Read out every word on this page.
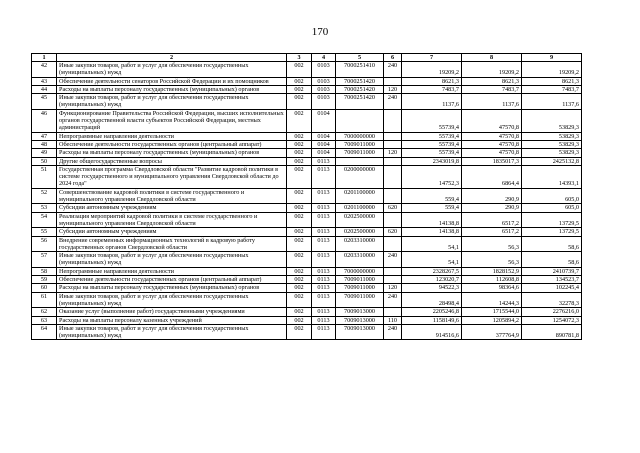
170
1	2	3	4	5	6	7	8	9
42	Иные закупки товаров, работ и услуг для обеспечения государственных (муниципальных) нужд	002	0103	7000251410	240	19209,2	19209,2	19209,2
43	Обеспечение деятельности сенаторов Российской Федерации и их помощников	002	0103	7000251420		8621,3	8621,3	8621,3
44	Расходы на выплаты персоналу государственных (муниципальных) органов	002	0103	7000251420	120	7483,7	7483,7	7483,7
45	Иные закупки товаров, работ и услуг для обеспечения государственных (муниципальных) нужд	002	0103	7000251420	240	1137,6	1137,6	1137,6
46	Функционирование Правительства Российской Федерации, высших исполнительных органов государственной власти субъектов Российской Федерации, местных администраций	002	0104			55739,4	47570,8	53829,3
47	Непрограммные направления деятельности	002	0104	7000000000		55739,4	47570,8	53829,3
48	Обеспечение деятельности государственных органов (центральный аппарат)	002	0104	7009011000		55739,4	47570,8	53829,3
49	Расходы на выплаты персоналу государственных (муниципальных) органов	002	0104	7009011000	120	55739,4	47570,8	53829,3
50	Другие общегосударственные вопросы	002	0113			2343019,8	1835017,3	2425132,8
51	Государственная программа Свердловской области "Развитие кадровой политики в системе государственного и муниципального управления Свердловской области до 2024 года"	002	0113	0200000000		14752,3	6864,4	14393,1
52	Совершенствование кадровой политики в системе государственного и муниципального управления Свердловской области	002	0113	0201100000		559,4	290,9	605,0
53	Субсидии автономным учреждениям	002	0113	0201100000	620	559,4	290,9	605,0
54	Реализация мероприятий кадровой политики в системе государственного и муниципального управления Свердловской области	002	0113	0202500000		14138,8	6517,2	13729,5
55	Субсидии автономным учреждениям	002	0113	0202500000	620	14138,8	6517,2	13729,5
56	Внедрение современных информационных технологий в кадровую работу государственных органов Свердловской области	002	0113	0203310000		54,1	56,3	58,6
57	Иные закупки товаров, работ и услуг для обеспечения государственных (муниципальных) нужд	002	0113	0203310000	240	54,1	56,3	58,6
58	Непрограммные направления деятельности	002	0113	7000000000		2328267,5	1828152,9	2410739,7
59	Обеспечение деятельности государственных органов (центральный аппарат)	002	0113	7009011000		123020,7	112608,8	134523,7
60	Расходы на выплаты персоналу государственных (муниципальных) органов	002	0113	7009011000	120	94522,3	98364,6	102245,4
61	Иные закупки товаров, работ и услуг для обеспечения государственных (муниципальных) нужд	002	0113	7009011000	240	28498,4	14244,3	32278,3
62	Оказание услуг (выполнение работ) государственными учреждениями	002	0113	7009013000		2205246,8	1715544,0	2276216,0
63	Расходы на выплаты персоналу казенных учреждений	002	0113	7009013000	110	1158149,6	1205894,2	1254072,3
64	Иные закупки товаров, работ и услуг для обеспечения государственных (муниципальных) нужд	002	0113	7009013000	240	914516,6	377764,9	890781,8
